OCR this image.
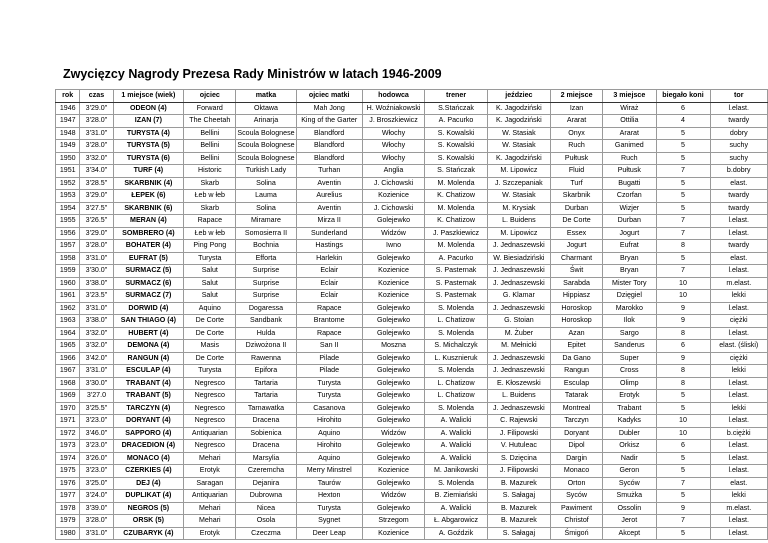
Zwycięzcy Nagrody Prezesa Rady Ministrów w latach 1946-2009
rok	czas	1 miejsce (wiek)	ojciec	matka	ojciec matki	hodowca	trener	jeździec	2 miejsce	3 miejsce	biegało koni	tor
1946	3'29.0"	ODEON (4)	Forward	Oktawa	Mah Jong	H. Woźniakowski	S.Stańczak	K. Jagodziński	Izan	Wiraż	6	l.elast.
1947	3'28.0"	IZAN (7)	The Cheetah	Arinarja	King of the Garter	J. Broszkiewicz	A. Pacurko	K. Jagodziński	Ararat	Ottilia	4	twardy
1948	3'31.0"	TURYSTA (4)	Bellini	Scoula Bolognese	Blandford	Włochy	S. Kowalski	W. Stasiak	Onyx	Ararat	5	dobry
1949	3'28.0"	TURYSTA (5)	Bellini	Scoula Bolognese	Blandford	Włochy	S. Kowalski	W. Stasiak	Ruch	Ganimed	5	suchy
1950	3'32.0"	TURYSTA (6)	Bellini	Scoula Bolognese	Blandford	Włochy	S. Kowalski	K. Jagodziński	Pułtusk	Ruch	5	suchy
1951	3'34.0"	TURF (4)	Historic	Turkish Lady	Turhan	Anglia	S. Stańczak	M. Lipowicz	Fluid	Pułtusk	7	b.dobry
1952	3'28.5"	SKARBNIK (4)	Skarb	Solina	Aventin	J. Cichowski	M. Molenda	J. Szczepaniak	Turf	Bugatti	5	elast.
1953	3'29.0"	ŁEPEK (6)	Łeb w łeb	Lauma	Aurelius	Kozienice	K. Chatizow	W. Stasiak	Skarbnik	Czorfan	5	twardy
1954	3'27.5"	SKARBNIK (6)	Skarb	Solina	Aventin	J. Cichowski	M. Molenda	M. Krysiak	Durban	Wizjer	5	twardy
1955	3'26.5"	MERAN (4)	Rapace	Miramare	Mirza II	Golejewko	K. Chatizow	L. Buidens	De Corte	Durban	7	l.elast.
1956	3'29.0"	SOMBRERO (4)	Łeb w łeb	Somosierra II	Sunderland	Widzów	J. Paszkiewicz	M. Lipowicz	Essex	Jogurt	7	l.elast.
1957	3'28.0"	BOHATER (4)	Ping Pong	Bochnia	Hastings	Iwno	M. Molenda	J. Jednaszewski	Jogurt	Eufrat	8	twardy
1958	3'31.0"	EUFRAT (5)	Turysta	Efforta	Harlekin	Golejewko	A. Pacurko	W. Biesiadziński	Charmant	Bryan	5	elast.
1959	3'30.0"	SURMACZ (5)	Salut	Surprise	Eclair	Kozienice	S. Pasternak	J. Jednaszewski	Świt	Bryan	7	l.elast.
1960	3'38.0"	SURMACZ (6)	Salut	Surprise	Eclair	Kozienice	S. Pasternak	J. Jednaszewski	Sarabda	Mister Tory	10	m.elast.
1961	3'23.5"	SURMACZ (7)	Salut	Surprise	Eclair	Kozienice	S. Pasternak	G. Klamar	Hippiasz	Dzięgiel	10	lekki
1962	3'31.0"	DORWID (4)	Aquino	Dogaressa	Rapace	Golejewko	S. Molenda	J. Jednaszewski	Horoskop	Marokko	9	l.elast.
1963	3'38.0"	SAN THIAGO (4)	De Corte	Sandbank	Brantome	Golejewko	L. Chatizow	G. Stoian	Horoskop	Ilok	9	ciężki
1964	3'32.0"	HUBERT (4)	De Corte	Hulda	Rapace	Golejewko	S. Molenda	M. Żuber	Azan	Sargo	8	l.elast.
1965	3'32.0"	DEMONA (4)	Masis	Dziwożona II	San II	Moszna	S. Michalczyk	M. Mełnicki	Epitet	Sanderus	6	elast. (śliski)
1966	3'42.0"	RANGUN (4)	De Corte	Rawenna	Pilade	Golejewko	L. Kusznieruk	J. Jednaszewski	Da Gano	Super	9	ciężki
1967	3'31.0"	ESCULAP (4)	Turysta	Epifora	Pilade	Golejewko	S. Molenda	J. Jednaszewski	Rangun	Cross	8	lekki
1968	3'30.0"	TRABANT (4)	Negresco	Tartaria	Turysta	Golejewko	L. Chatizow	E. Kłoszewski	Esculap	Olimp	8	l.elast.
1969	3'27.0	TRABANT (5)	Negresco	Tartaria	Turysta	Golejewko	L. Chatizow	L. Buidens	Tatarak	Erotyk	5	l.elast.
1970	3'25.5"	TARCZYN (4)	Negresco	Tarnawatka	Casanova	Golejewko	S. Molenda	J. Jednaszewski	Montreal	Trabant	5	lekki
1971	3'23.0"	DORYANT (4)	Negresco	Dracena	Hirohito	Golejewko	A. Walicki	C. Rajewski	Tarczyn	Kadyks	10	l.elast.
1972	3'46.0"	SAPPORO (4)	Antiquarian	Sobienica	Aquino	Widzów	A. Walicki	J. Filipowski	Doryant	Dubler	10	b.ciężki
1973	3'23.0"	DRACEDION (4)	Negresco	Dracena	Hirohito	Golejewko	A. Walicki	V. Hutuleac	Dipol	Orkisz	6	l.elast.
1974	3'26.0"	MONACO (4)	Mehari	Marsylia	Aquino	Golejewko	A. Walicki	S. Dzięcina	Dargin	Nadir	5	l.elast.
1975	3'23.0"	CZERKIES (4)	Erotyk	Czeremcha	Merry Minstrel	Kozienice	M. Janikowski	J. Filipowski	Monaco	Geron	5	l.elast.
1976	3'25.0"	DEJ (4)	Saragan	Dejanira	Taurów	Golejewko	S. Molenda	B. Mazurek	Orton	Syców	7	elast.
1977	3'24.0"	DUPLIKAT (4)	Antiquarian	Dubrowna	Hexton	Widzów	B. Ziemiański	S. Sałagaj	Syców	Smużka	5	lekki
1978	3'39.0"	NEGROS (5)	Mehari	Nicea	Turysta	Golejewko	A. Walicki	B. Mazurek	Pawiment	Ossolin	9	m.elast.
1979	3'28.0"	ORSK (5)	Mehari	Osola	Sygnet	Strzegom	Ł. Abgarowicz	B. Mazurek	Christof	Jerot	7	l.elast.
1980	3'31.0"	CZUBARYK (4)	Erotyk	Czeczma	Deer Leap	Kozienice	A. Goździk	S. Sałagaj	Śmigoń	Akcept	5	l.elast.
